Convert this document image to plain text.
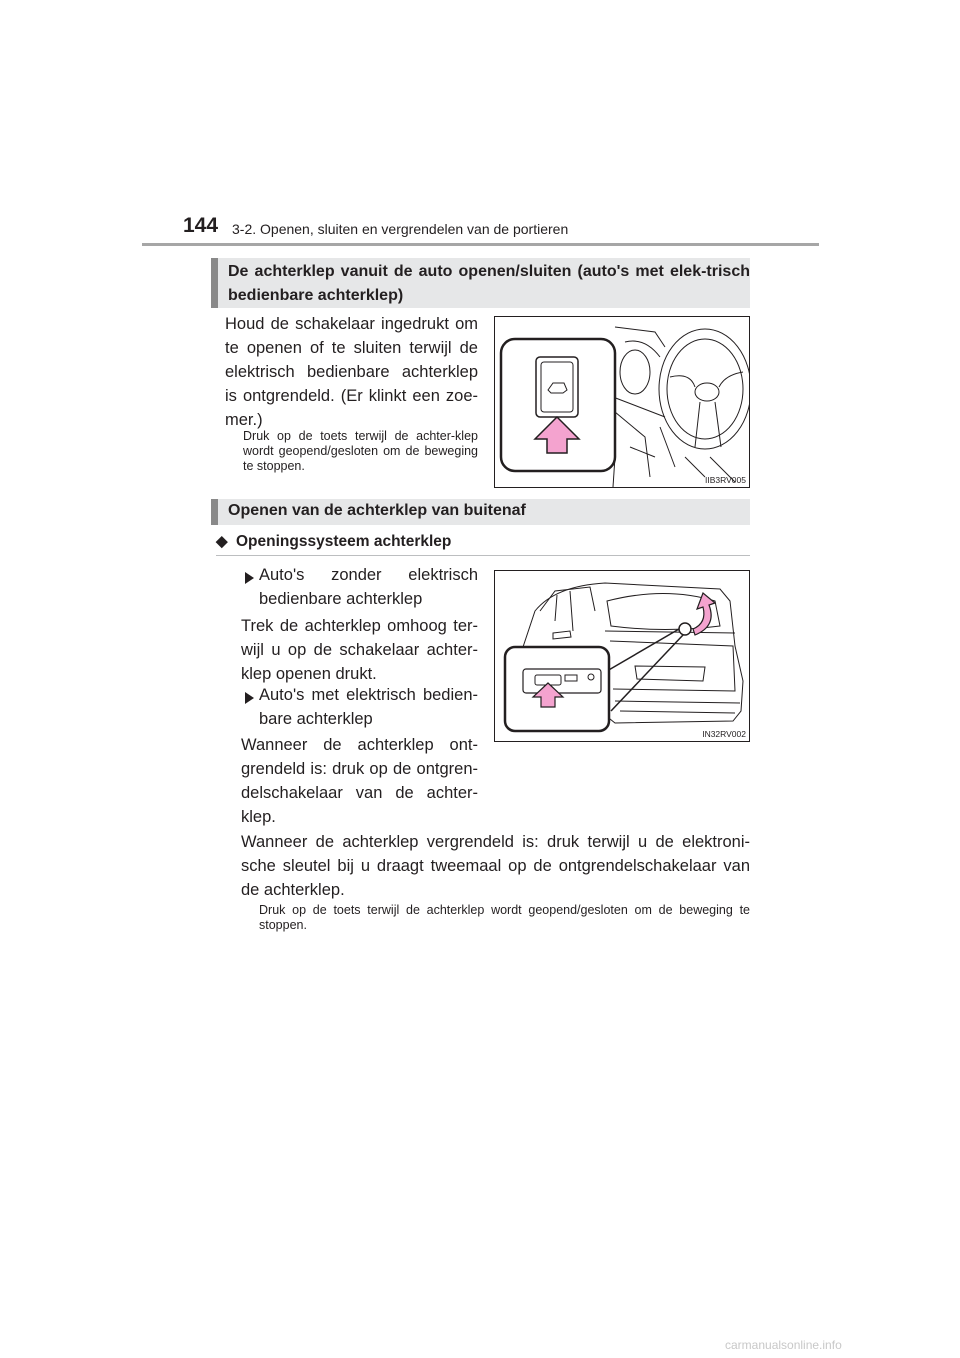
144 3-2. Openen, sluiten en vergrendelen van de portieren
De achterklep vanuit de auto openen/sluiten (auto's met elek-trisch bedienbare achterklep)
Houd de schakelaar ingedrukt om te openen of te sluiten terwijl de elektrisch bedienbare achterklep is ontgrendeld. (Er klinkt een zoe-mer.)
Druk op de toets terwijl de achter-klep wordt geopend/gesloten om de beweging te stoppen.
IIB3RV005
Openen van de achterklep van buitenaf
◆ Openingssysteem achterklep
Auto's zonder elektrisch bedienbare achterklep
Trek de achterklep omhoog ter-wijl u op de schakelaar achter-klep openen drukt.
Auto's met elektrisch bedien-bare achterklep
Wanneer de achterklep ont-grendeld is: druk op de ontgren-delschakelaar van de achter-klep.
IN32RV002
Wanneer de achterklep vergrendeld is: druk terwijl u de elektroni-sche sleutel bij u draagt tweemaal op de ontgrendelschakelaar van de achterklep.
Druk op de toets terwijl de achterklep wordt geopend/gesloten om de beweging te stoppen.
carmanualsonline.info
